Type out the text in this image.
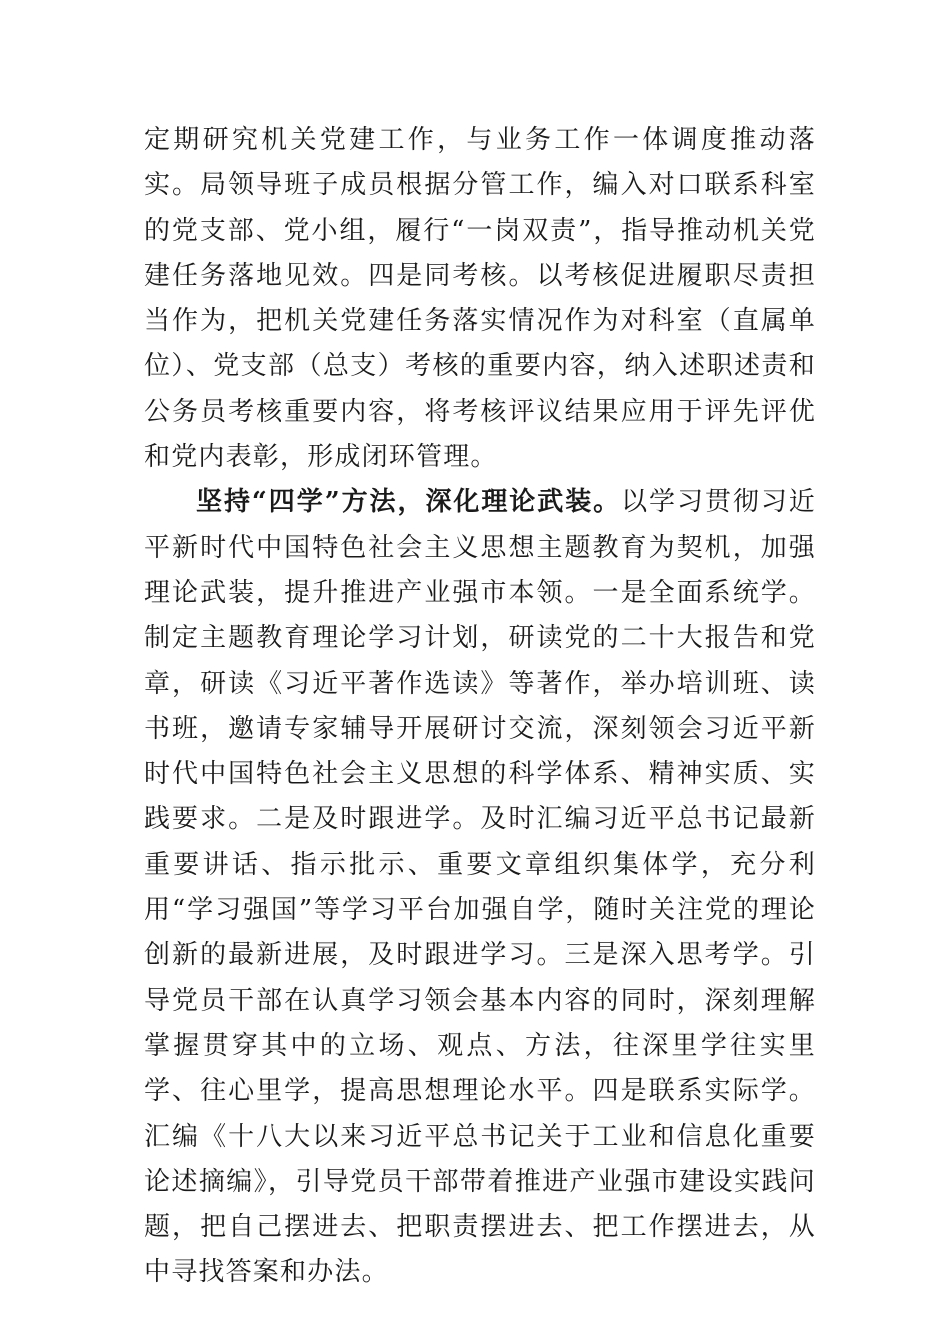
定期研究机关党建工作，与业务工作一体调度推动落实。局领导班子成员根据分管工作，编入对口联系科室的党支部、党小组，履行“一岗双责”，指导推动机关党建任务落地见效。四是同考核。以考核促进履职尽责担当作为，把机关党建任务落实情况作为对科室（直属单位）、党支部（总支）考核的重要内容，纳入述职述责和公务员考核重要内容，将考核评议结果应用于评先评优和党内表彰，形成闭环管理。

坚持“四学”方法，深化理论武装。以学习贯彻习近平新时代中国特色社会主义思想主题教育为契机，加强理论武装，提升推进产业强市本领。一是全面系统学。制定主题教育理论学习计划，研读党的二十大报告和党章，研读《习近平著作选读》等著作，举办培训班、读书班，邀请专家辅导开展研讨交流，深刻领会习近平新时代中国特色社会主义思想的科学体系、精神实质、实践要求。二是及时跟进学。及时汇编习近平总书记最新重要讲话、指示批示、重要文章组织集体学，充分利用“学习强国”等学习平台加强自学，随时关注党的理论创新的最新进展，及时跟进学习。三是深入思考学。引导党员干部在认真学习领会基本内容的同时，深刻理解掌握贯穿其中的立场、观点、方法，往深里学往实里学、往心里学，提高思想理论水平。四是联系实际学。汇编《十八大以来习近平总书记关于工业和信息化重要论述摘编》，引导党员干部带着推进产业强市建设实践问题，把自己摆进去、把职责摆进去、把工作摆进去，从中寻找答案和办法。
